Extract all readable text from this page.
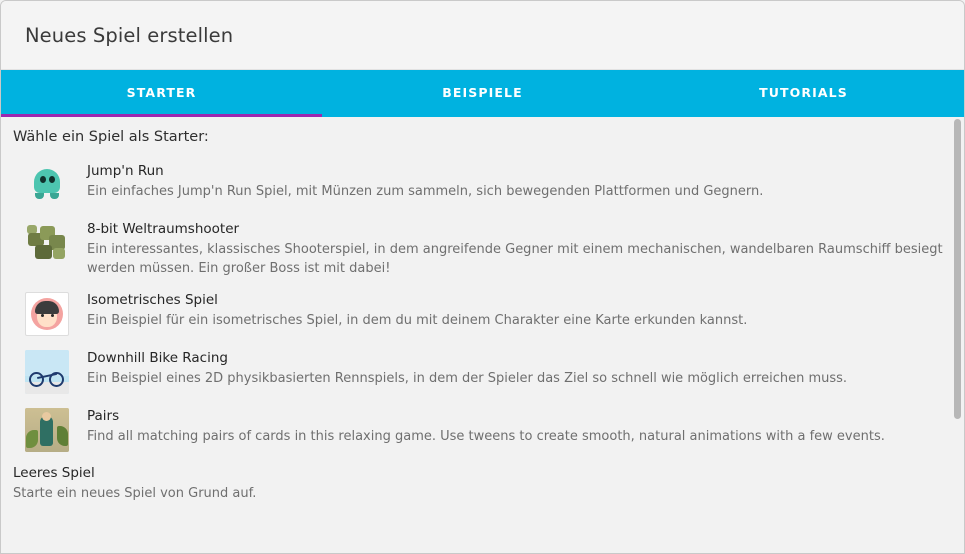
Neues Spiel erstellen
STARTER	BEISPIELE	TUTORIALS
Wähle ein Spiel als Starter:
Jump'n Run
Ein einfaches Jump'n Run Spiel, mit Münzen zum sammeln, sich bewegenden Plattformen und Gegnern.
8-bit Weltraumshooter
Ein interessantes, klassisches Shooterspiel, in dem angreifende Gegner mit einem mechanischen, wandelbaren Raumschiff besiegt werden müssen. Ein großer Boss ist mit dabei!
Isometrisches Spiel
Ein Beispiel für ein isometrisches Spiel, in dem du mit deinem Charakter eine Karte erkunden kannst.
Downhill Bike Racing
Ein Beispiel eines 2D physikbasierten Rennspiels, in dem der Spieler das Ziel so schnell wie möglich erreichen muss.
Pairs
Find all matching pairs of cards in this relaxing game. Use tweens to create smooth, natural animations with a few events.
Leeres Spiel
Starte ein neues Spiel von Grund auf.
